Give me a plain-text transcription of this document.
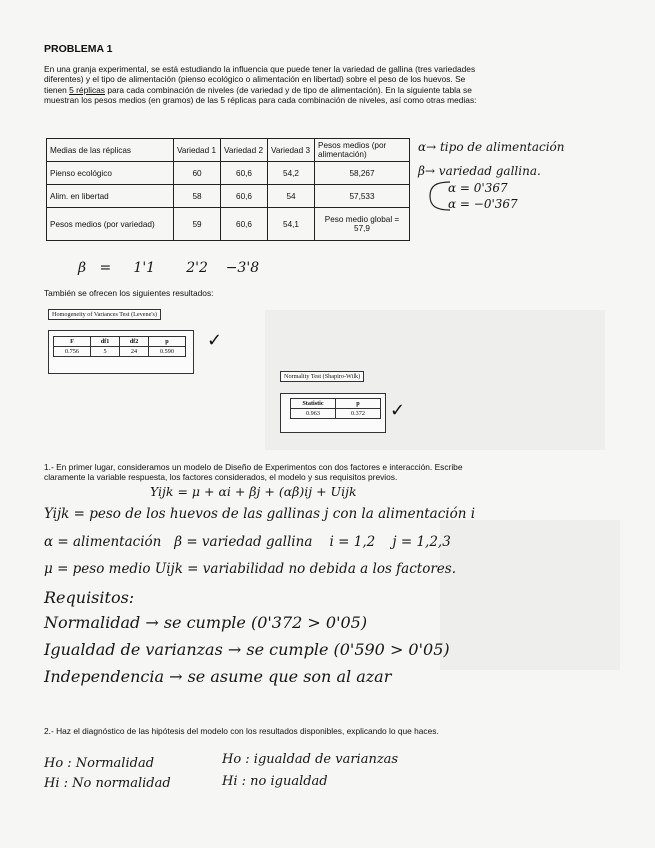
PROBLEMA 1
En una granja experimental, se está estudiando la influencia que puede tener la variedad de gallina (tres variedades diferentes) y el tipo de alimentación (pienso ecológico o alimentación en libertad) sobre el peso de los huevos. Se tienen 5 réplicas para cada combinación de niveles (de variedad y de tipo de alimentación). En la siguiente tabla se muestran los pesos medios (en gramos) de las 5 réplicas para cada combinación de niveles, así como otras medias:
Medias de las réplicas	Variedad 1	Variedad 2	Variedad 3	Pesos medios (por alimentación)
Pienso ecológico	60	60,6	54,2	58,267
Alim. en libertad	58	60,6	54	57,533
Pesos medios (por variedad)	59	60,6	54,1	Peso medio global = 57,9
α→ tipo de alimentación
β→ variedad gallina.
α = 0'367
α = −0'367
β   =     1'1       2'2    −3'8
También se ofrecen los siguientes resultados:
Homogeneity of Variances Test (Levene's)
F	df1	df2	p
0.756	5	24	0.590
✓
Normality Test (Shapiro-Wilk)
Statistic	p
0.963	0.372 ✓
1.- En primer lugar, consideramos un modelo de Diseño de Experimentos con dos factores e interacción. Escribe claramente la variable respuesta, los factores considerados, el modelo y sus requisitos previos.
Yijk = μ + αi + βj + (αβ)ij + Uijk
Yijk = peso de los huevos de las gallinas j con la alimentación i
α = alimentación   β = variedad gallina    i = 1,2    j = 1,2,3
μ = peso medio Uijk = variabilidad no debida a los factores.
Requisitos:
Normalidad → se cumple (0'372 > 0'05)
Igualdad de varianzas → se cumple (0'590 > 0'05)
Independencia → se asume que son al azar
2.- Haz el diagnóstico de las hipótesis del modelo con los resultados disponibles, explicando lo que haces.
Ho : Normalidad
Hi : No normalidad
Ho : igualdad de varianzas
Hi : no igualdad
